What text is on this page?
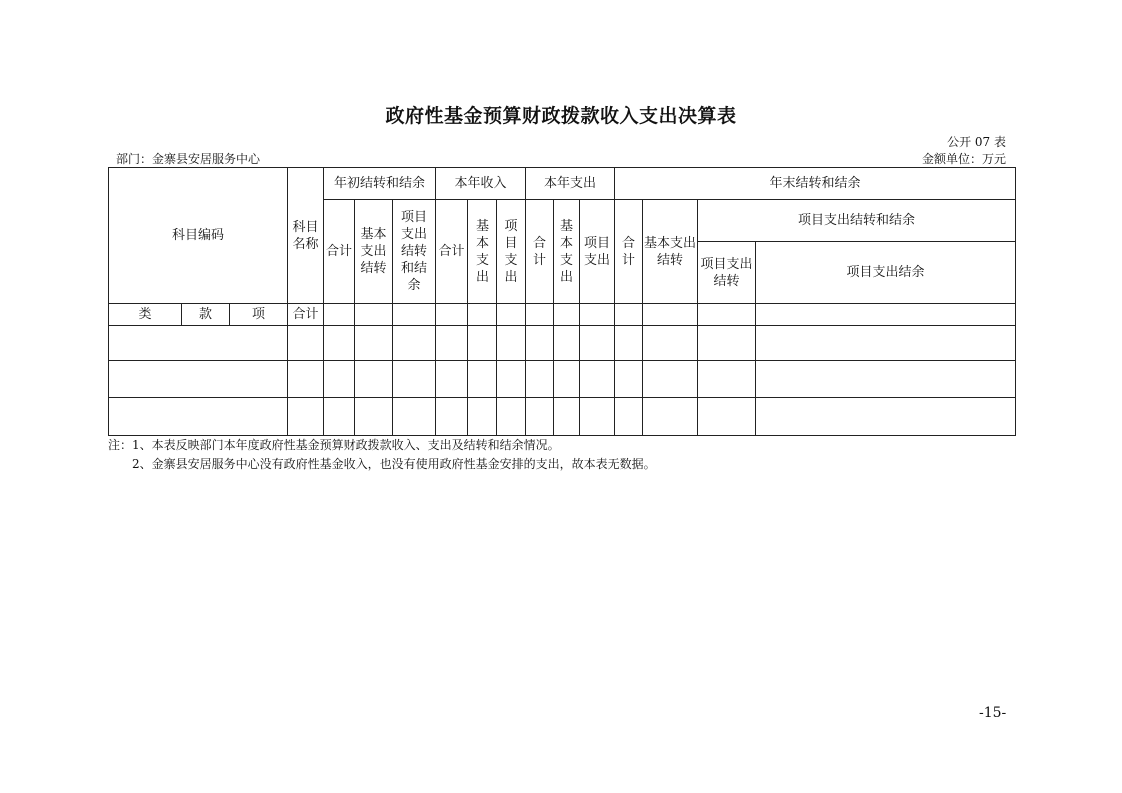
政府性基金预算财政拨款收入支出决算表
公开 07 表
部门：金寨县安居服务中心	金额单位：万元
科目编码			科目名称	年初结转和结余			本年收入			本年支出			年末结转和结余			
				合计	基本支出结转	项目支出结转和结余	合计	基本支出	项目支出	合计	基本支出	项目支出	合计	基本支出结转	项目支出结转和结余	
															项目支出结转	项目支出结余
类	款	项	合计													

注：1、本表反映部门本年度政府性基金预算财政拨款收入、支出及结转和结余情况。
2、金寨县安居服务中心没有政府性基金收入，也没有使用政府性基金安排的支出，故本表无数据。
-15-
